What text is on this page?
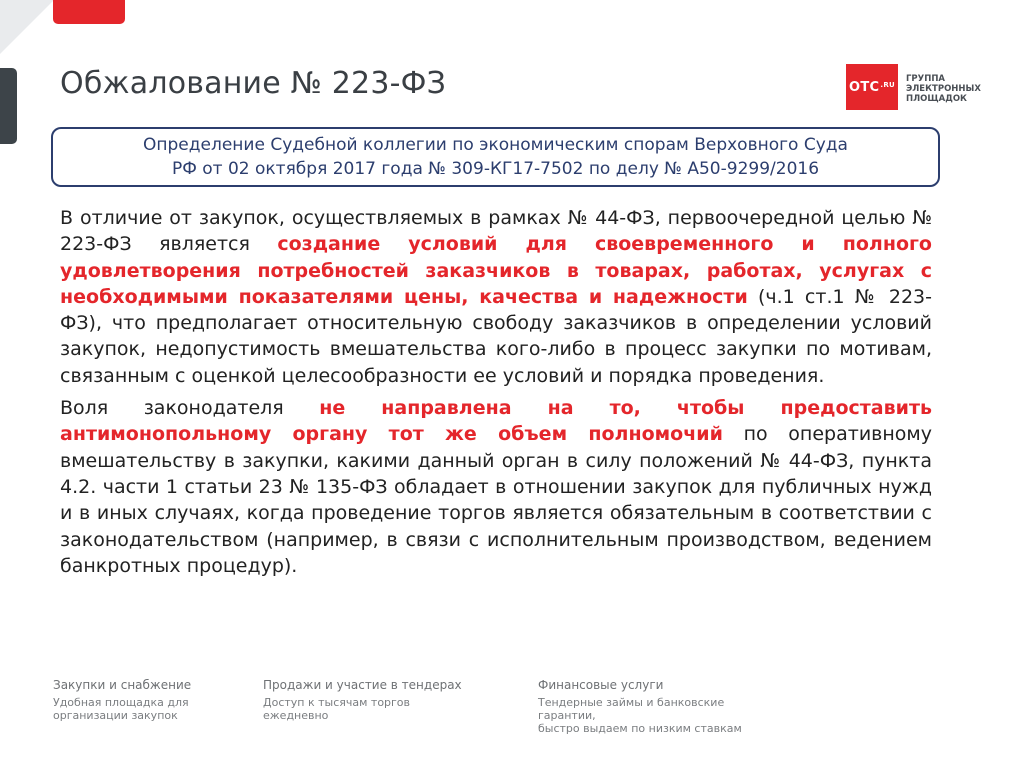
Обжалование № 223-ФЗ	OTC .RU
ГРУППА
ЭЛЕКТРОННЫХ
ПЛОЩАДОК
Определение Судебной коллегии по экономическим спорам Верховного Суда
РФ от 02 октября 2017 года № 309-КГ17-7502 по делу № А50-9299/2016

В отличие от закупок, осуществляемых в рамках № 44-ФЗ, первоочередной целью № 223-ФЗ является создание условий для своевременного и полного удовлетворения потребностей заказчиков в товарах, работах, услугах с необходимыми показателями цены, качества и надежности (ч.1 ст.1 № 223-ФЗ), что предполагает относительную свободу заказчиков в определении условий закупок, недопустимость вмешательства кого-либо в процесс закупки по мотивам, связанным с оценкой целесообразности ее условий и порядка проведения.

Воля законодателя не направлена на то, чтобы предоставить антимонопольному органу тот же объем полномочий по оперативному вмешательству в закупки, какими данный орган в силу положений № 44-ФЗ, пункта 4.2. части 1 статьи 23 № 135-ФЗ обладает в отношении закупок для публичных нужд и в иных случаях, когда проведение торгов является обязательным в соответствии с законодательством (например, в связи с исполнительным производством, ведением банкротных процедур).

Закупки и снабжение
Удобная площадка для
организации закупок
Продажи и участие в тендерах
Доступ к тысячам торгов
ежедневно
Финансовые услуги
Тендерные займы и банковские
гарантии,
быстро выдаем по низким ставкам
